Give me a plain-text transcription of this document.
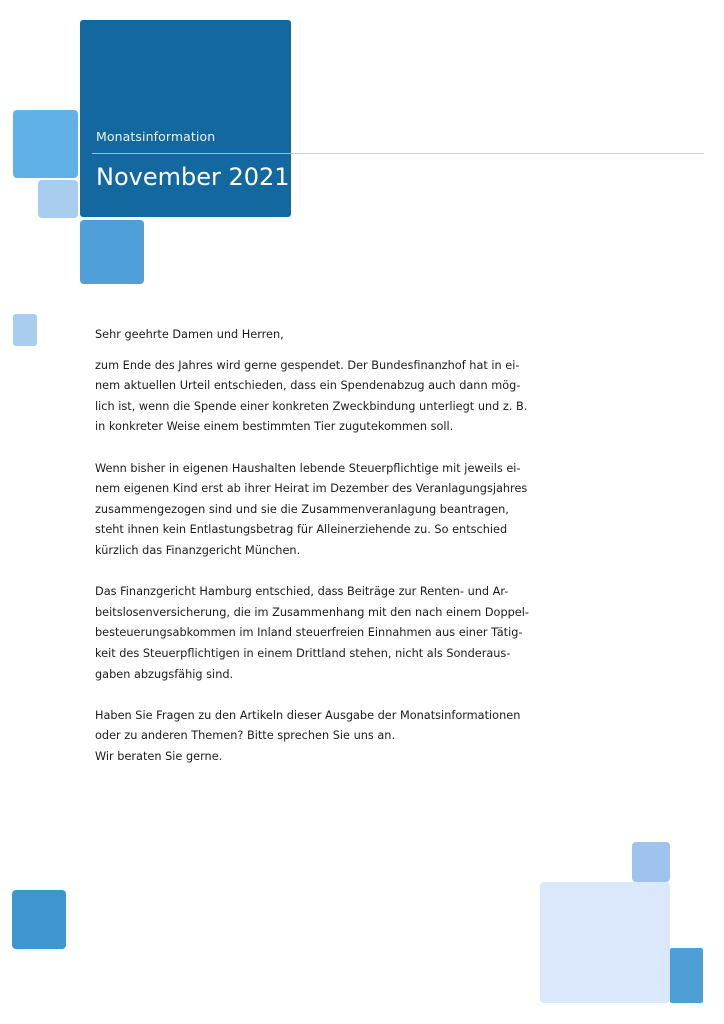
Monatsinformation
November 2021

Sehr geehrte Damen und Herren,

zum Ende des Jahres wird gerne gespendet. Der Bundesfinanzhof hat in ei-
nem aktuellen Urteil entschieden, dass ein Spendenabzug auch dann mög-
lich ist, wenn die Spende einer konkreten Zweckbindung unterliegt und z. B.
in konkreter Weise einem bestimmten Tier zugutekommen soll.

Wenn bisher in eigenen Haushalten lebende Steuerpflichtige mit jeweils ei-
nem eigenen Kind erst ab ihrer Heirat im Dezember des Veranlagungsjahres
zusammengezogen sind und sie die Zusammenveranlagung beantragen,
steht ihnen kein Entlastungsbetrag für Alleinerziehende zu. So entschied
kürzlich das Finanzgericht München.

Das Finanzgericht Hamburg entschied, dass Beiträge zur Renten- und Ar-
beitslosenversicherung, die im Zusammenhang mit den nach einem Doppel-
besteuerungsabkommen im Inland steuerfreien Einnahmen aus einer Tätig-
keit des Steuerpflichtigen in einem Drittland stehen, nicht als Sonderaus-
gaben abzugsfähig sind.

Haben Sie Fragen zu den Artikeln dieser Ausgabe der Monatsinformationen
oder zu anderen Themen? Bitte sprechen Sie uns an.
Wir beraten Sie gerne.
